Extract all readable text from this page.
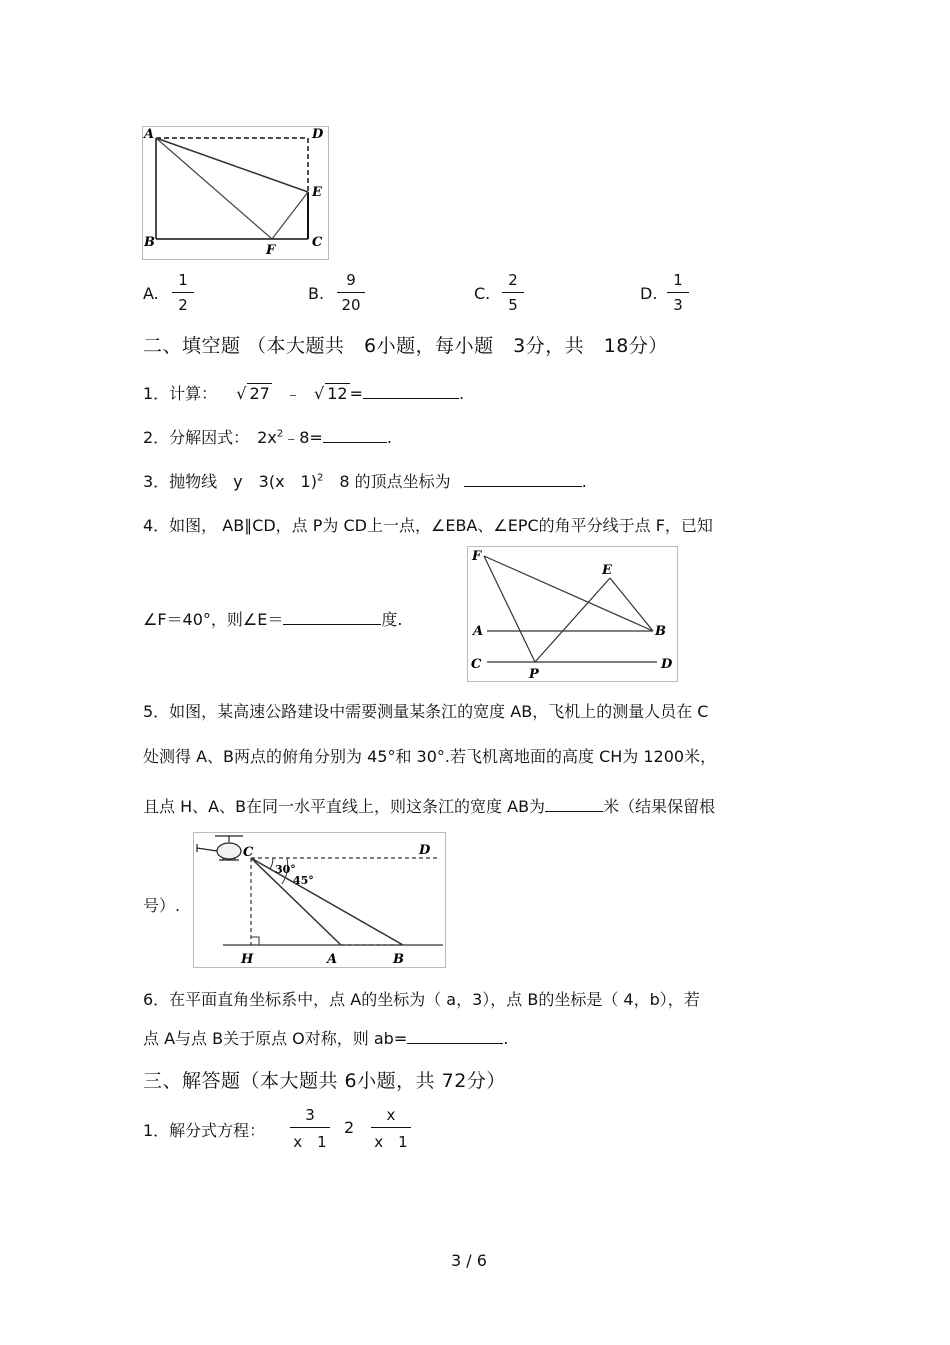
A	D
E
B	C
F
A. $\frac{1}{2}$	B. $\frac{9}{20}$	C. $\frac{2}{5}$	D. $\frac{1}{3}$
二、填空题 （本大题共　6小题，每小题　3分，共　18分）
1．计算： √ 27 ﹣ √ 12 =	.
2．分解因式：　$2x^2﹣8=$	.
3．抛物线　y　3(x　1)$^2$　8 的顶点坐标为	.
4．如图， AB∥CD，点 P为 CD上一点，∠EBA、∠EPC的角平分线于点 F，已知
∠F＝40°，则∠E＝	度.
F
E
A	B
C	D
P
5．如图，某高速公路建设中需要测量某条江的宽度 AB，飞机上的测量人员在 C
处测得 A、B两点的俯角分别为 45°和 30°.若飞机离地面的高度 CH为 1200米，
且点 H、A、B在同一水平直线上，则这条江的宽度 AB为	米（结果保留根
号）.
C	D
H	A	B
30°
45°
6．在平面直角坐标系中，点 A的坐标为（ a，3），点 B的坐标是（ 4，b），若
点 A与点 B关于原点 O对称，则 ab=	.
三、解答题（本大题共 6小题，共 72分）
1．解分式方程： $\frac{3}{x 1} 2 \frac{x}{x 1}$
3 / 6
